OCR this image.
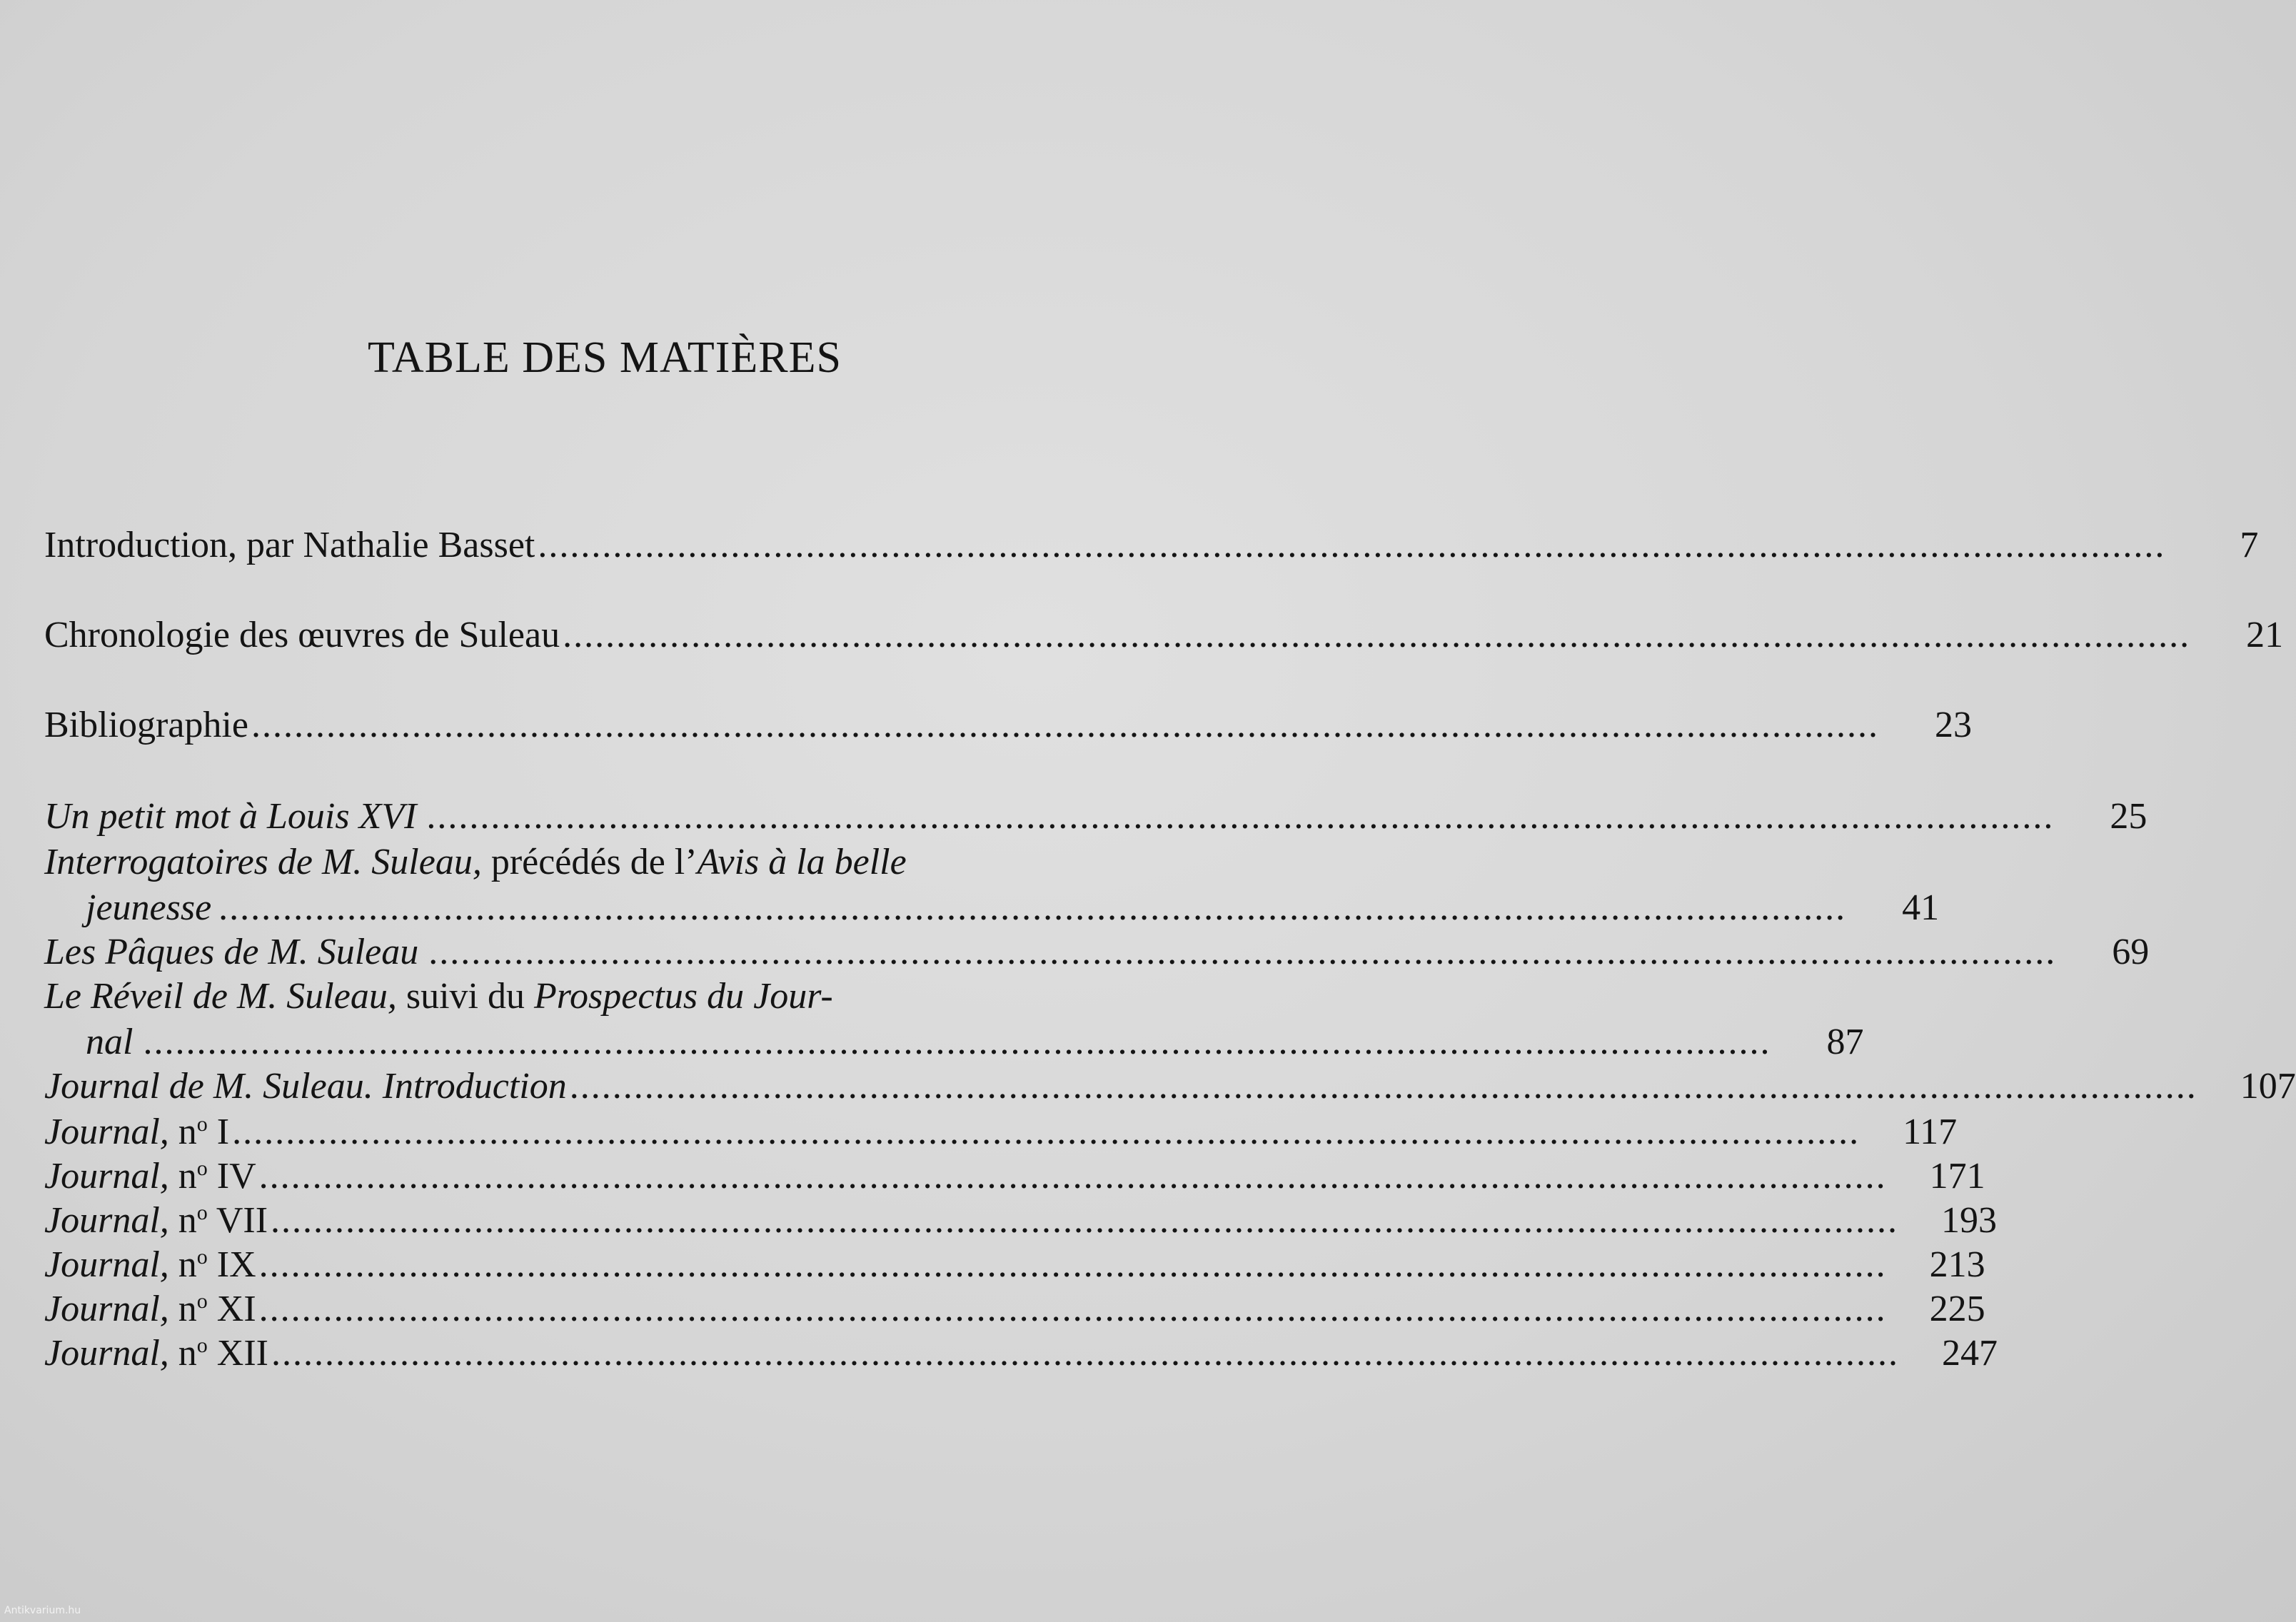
TABLE DES MATIÈRES
Introduction, par Nathalie Basset ........................................................................................................................................................	7
Chronologie des œuvres de Suleau ........................................................................................................................................................	21
Bibliographie ........................................................................................................................................................	23
Un petit mot à Louis XVI ........................................................................................................................................................	25
Interrogatoires de M. Suleau, précédés de l’Avis à la belle
jeunesse ........................................................................................................................................................	41
Les Pâques de M. Suleau ........................................................................................................................................................	69
Le Réveil de M. Suleau, suivi du Prospectus du Jour-
nal ........................................................................................................................................................	87
Journal de M. Suleau. Introduction ........................................................................................................................................................ 107
Journal, $n^o$ I ........................................................................................................................................................ 117
Journal, $n^o$ IV ........................................................................................................................................................ 171
Journal, $n^o$ VII ........................................................................................................................................................ 193
Journal, $n^o$ IX ........................................................................................................................................................ 213
Journal, $n^o$ XI ........................................................................................................................................................ 225
Journal, $n^o$ XII ........................................................................................................................................................ 247
Antikvarium.hu
